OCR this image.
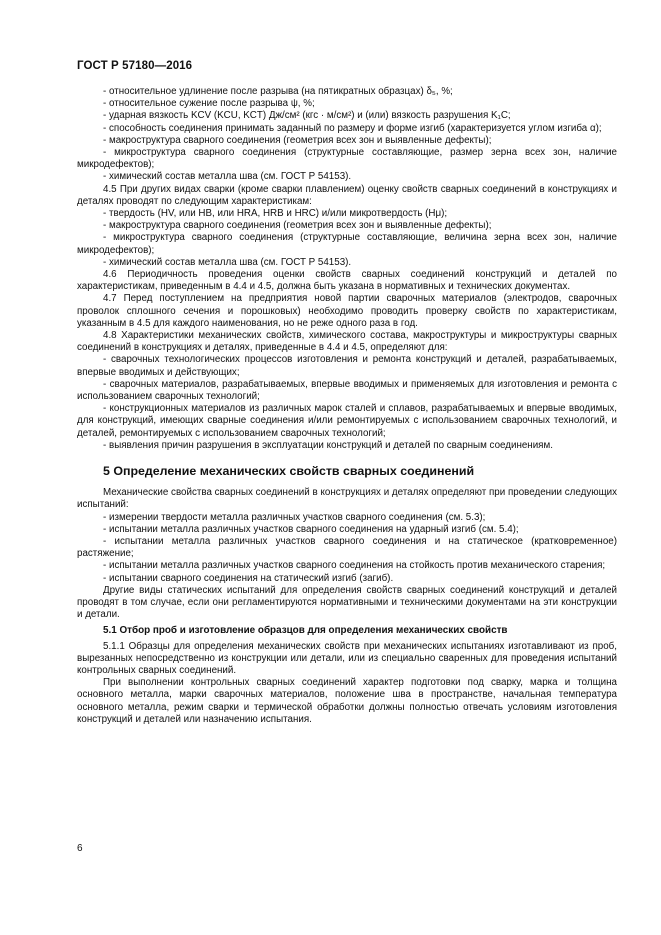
ГОСТ Р 57180—2016

- относительное удлинение после разрыва (на пятикратных образцах) δ₅, %;

- относительное сужение после разрыва ψ, %;

- ударная вязкость KCV (KCU, KCT) Дж/см² (кгс · м/см²) и (или) вязкость разрушения K₁C;

- способность соединения принимать заданный по размеру и форме изгиб (характеризуется углом изгиба α);

- макроструктура сварного соединения (геометрия всех зон и выявленные дефекты);

- микроструктура сварного соединения (структурные составляющие, размер зерна всех зон, наличие микродефектов);

- химический состав металла шва (см. ГОСТ Р 54153).

4.5 При других видах сварки (кроме сварки плавлением) оценку свойств сварных соединений в конструкциях и деталях проводят по следующим характеристикам:

- твердость (HV, или HB, или HRA, HRB и HRC) и/или микротвердость (Hμ);

- макроструктура сварного соединения (геометрия всех зон и выявленные дефекты);

- микроструктура сварного соединения (структурные составляющие, величина зерна всех зон, наличие микродефектов);

- химический состав металла шва (см. ГОСТ Р 54153).

4.6 Периодичность проведения оценки свойств сварных соединений конструкций и деталей по характеристикам, приведенным в 4.4 и 4.5, должна быть указана в нормативных и технических документах.

4.7 Перед поступлением на предприятия новой партии сварочных материалов (электродов, сварочных проволок сплошного сечения и порошковых) необходимо проводить проверку свойств по характеристикам, указанным в 4.5 для каждого наименования, но не реже одного раза в год.

4.8 Характеристики механических свойств, химического состава, макроструктуры и микроструктуры сварных соединений в конструкциях и деталях, приведенные в 4.4 и 4.5, определяют для:

- сварочных технологических процессов изготовления и ремонта конструкций и деталей, разрабатываемых, впервые вводимых и действующих;

- сварочных материалов, разрабатываемых, впервые вводимых и применяемых для изготовления и ремонта с использованием сварочных технологий;

- конструкционных материалов из различных марок сталей и сплавов, разрабатываемых и впервые вводимых, для конструкций, имеющих сварные соединения и/или ремонтируемых с использованием сварочных технологий, и деталей, ремонтируемых с использованием сварочных технологий;

- выявления причин разрушения в эксплуатации конструкций и деталей по сварным соединениям.

5 Определение механических свойств сварных соединений

Механические свойства сварных соединений в конструкциях и деталях определяют при проведении следующих испытаний:

- измерении твердости металла различных участков сварного соединения (см. 5.3);

- испытании металла различных участков сварного соединения на ударный изгиб (см. 5.4);

- испытании металла различных участков сварного соединения и на статическое (кратковременное) растяжение;

- испытании металла различных участков сварного соединения на стойкость против механического старения;

- испытании сварного соединения на статический изгиб (загиб).

Другие виды статических испытаний для определения свойств сварных соединений конструкций и деталей проводят в том случае, если они регламентируются нормативными и техническими документами на эти конструкции и детали.

5.1 Отбор проб и изготовление образцов для определения механических свойств

5.1.1 Образцы для определения механических свойств при механических испытаниях изготавливают из проб, вырезанных непосредственно из конструкции или детали, или из специально сваренных для проведения испытаний контрольных сварных соединений.

При выполнении контрольных сварных соединений характер подготовки под сварку, марка и толщина основного металла, марки сварочных материалов, положение шва в пространстве, начальная температура основного металла, режим сварки и термической обработки должны полностью отвечать условиям изготовления конструкций и деталей или назначению испытания.

6
